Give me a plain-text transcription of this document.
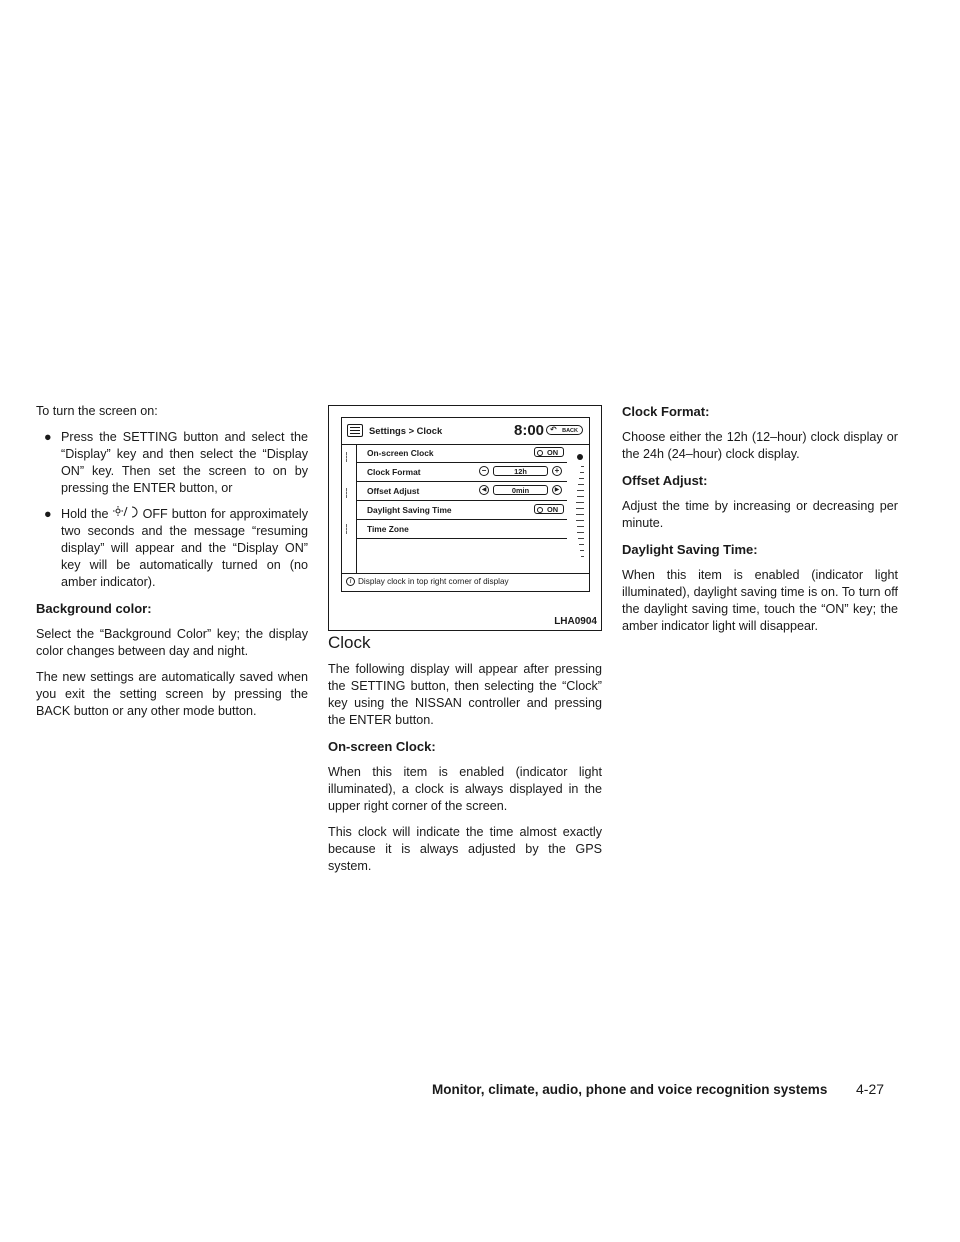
To turn the screen on:

● Press the SETTING button and select the “Display” key and then select the “Display ON” key. Then set the screen to on by pressing the ENTER button, or
● Hold the	OFF button for approximately two seconds and the message “resuming display” will appear and the “Display ON” key will be automatically turned on (no amber indicator).
Background color:

Select the “Background Color” key; the display color changes between day and night.

The new settings are automatically saved when you exit the setting screen by pressing the BACK button or any other mode button.

Settings > Clock	8:00 ↶ BACK
On-screen Clock	ON
Clock Format	−	12h	+
Offset Adjust	◀	0min	▶
Daylight Saving Time	ON
Time Zone
i Display clock in top right corner of display
LHA0904
Clock

The following display will appear after pressing the SETTING button, then selecting the “Clock” key using the NISSAN controller and pressing the ENTER button.

On-screen Clock:

When this item is enabled (indicator light illuminated), a clock is always displayed in the upper right corner of the screen.

This clock will indicate the time almost exactly because it is always adjusted by the GPS system.

Clock Format:

Choose either the 12h (12–hour) clock display or the 24h (24–hour) clock display.

Offset Adjust:

Adjust the time by increasing or decreasing per minute.

Daylight Saving Time:

When this item is enabled (indicator light illuminated), daylight saving time is on. To turn off the daylight saving time, touch the “ON” key; the amber indicator light will disappear.

Monitor, climate, audio, phone and voice recognition systems 4-27
